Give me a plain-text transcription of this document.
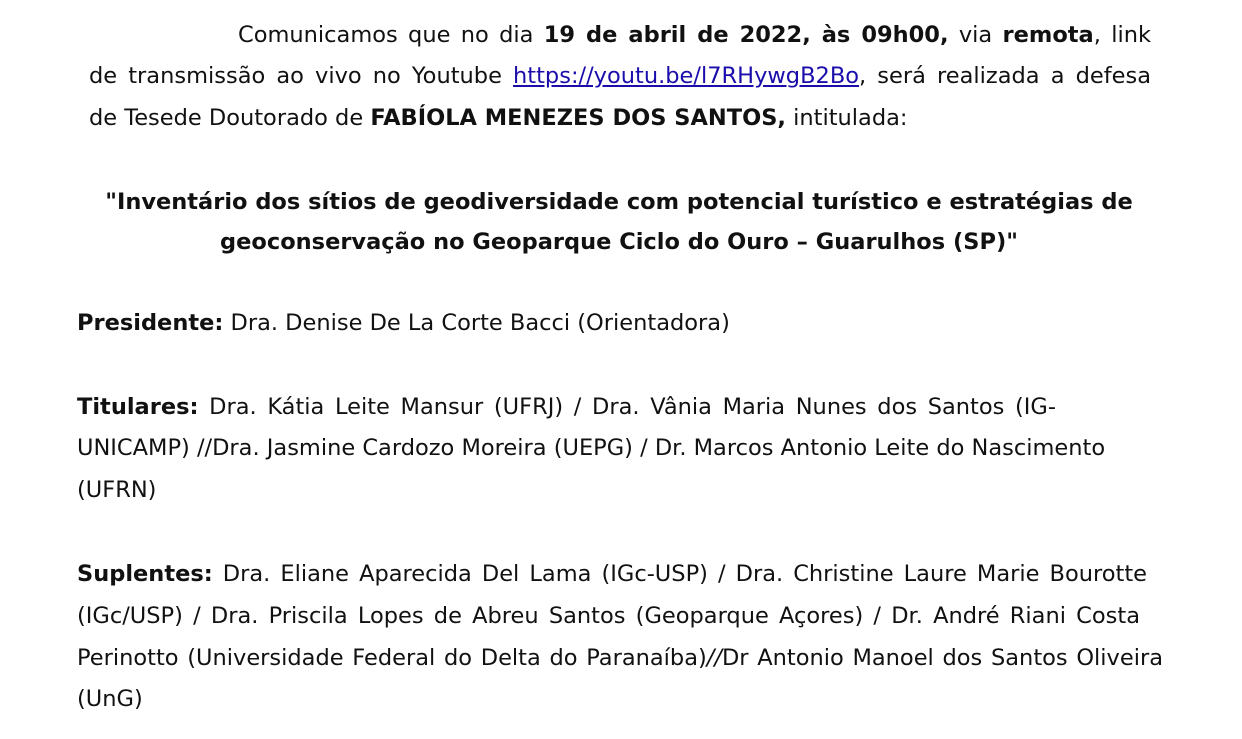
Comunicamos que no dia 19 de abril de 2022, às 09h00, via remota, link
de transmissão ao vivo no Youtube https://youtu.be/l7RHywgB2Bo, será realizada a defesa
de Tesede Doutorado de FABÍOLA MENEZES DOS SANTOS, intitulada:
"Inventário dos sítios de geodiversidade com potencial turístico e estratégias de
geoconservação no Geoparque Ciclo do Ouro – Guarulhos (SP)"
Presidente: Dra. Denise De La Corte Bacci (Orientadora)
Titulares: Dra. Kátia Leite Mansur (UFRJ) / Dra. Vânia Maria Nunes dos Santos (IG-
UNICAMP) //Dra. Jasmine Cardozo Moreira (UEPG) / Dr. Marcos Antonio Leite do Nascimento
(UFRN)
Suplentes: Dra. Eliane Aparecida Del Lama (IGc-USP) / Dra. Christine Laure Marie Bourotte
(IGc/USP) / Dra. Priscila Lopes de Abreu Santos (Geoparque Açores) / Dr. André Riani Costa
Perinotto (Universidade Federal do Delta do Paranaíba)//Dr Antonio Manoel dos Santos Oliveira
(UnG)
